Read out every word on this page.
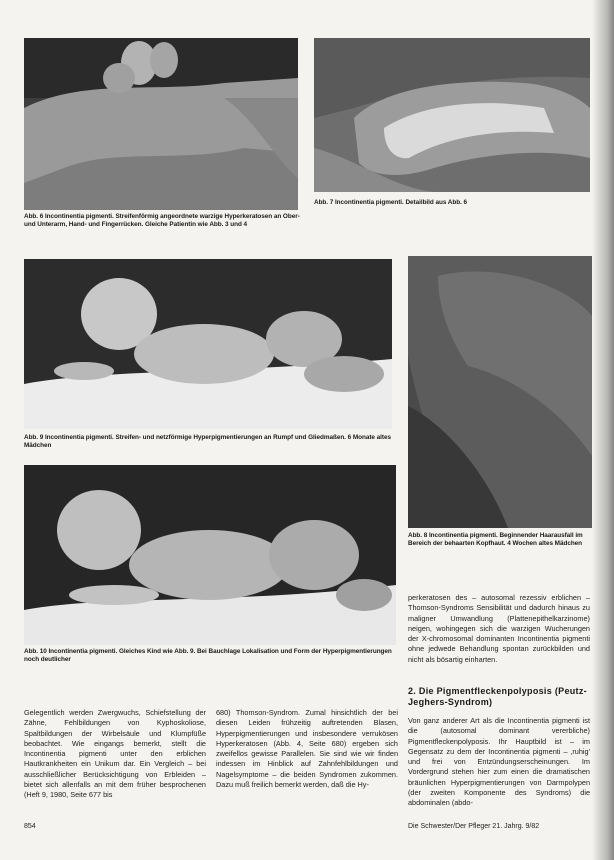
Abb. 6 Incontinentia pigmenti. Streifenförmig angeordnete warzige Hyperkeratosen an Ober- und Unterarm, Hand- und Fingerrücken. Gleiche Patientin wie Abb. 3 und 4

Abb. 7 Incontinentia pigmenti. Detailbild aus Abb. 6

Abb. 9 Incontinentia pigmenti. Streifen- und netzförmige Hyperpigmentierungen an Rumpf und Gliedmaßen. 6 Monate altes Mädchen

Abb. 8 Incontinentia pigmenti. Beginnender Haarausfall im Bereich der behaarten Kopfhaut. 4 Wochen altes Mädchen

Abb. 10 Incontinentia pigmenti. Gleiches Kind wie Abb. 9. Bei Bauchlage Lokalisation und Form der Hyperpigmentierungen noch deutlicher

perkeratosen des – autosomal rezessiv erblichen – Thomson-Syndroms Sensibilität und dadurch hinaus zu maligner Umwandlung (Plattenepithelkarzinome) neigen, wohingegen sich die warzigen Wucherungen der X-chromosomal dominanten Incontinentia pigmenti ohne jedwede Behandlung spontan zurückbilden und nicht als bösartig einharten.

2. Die Pigmentfleckenpolyposis (Peutz-Jeghers-Syndrom)

Von ganz anderer Art als die Incontinentia pigmenti ist die (autosomal dominant vererbliche) Pigmentfleckenpolyposis. Ihr Hauptbild ist – im Gegensatz zu dem der Incontinentia pigmenti – ‚ruhig' und frei von Entzündungserscheinungen. Im Vordergrund stehen hier zum einen die dramatischen bräunlichen Hyperpigmentierungen von Darmpolypen (der zweiten Komponente des Syndroms) die abdominalen (abdo-

Gelegentlich werden Zwergwuchs, Schiefstellung der Zähne, Fehlbildungen von Kyphoskoliose, Spaltbildungen der Wirbelsäule und Klumpfüße beobachtet. Wie eingangs bemerkt, stellt die Incontinentia pigmenti unter den erblichen Hautkrankheiten ein Unikum dar. Ein Vergleich – bei ausschließlicher Berücksichtigung von Erbleiden – bietet sich allenfalls an mit dem früher besprochenen (Heft 9, 1980, Seite 677 bis

680) Thomson-Syndrom. Zumal hinsichtlich der bei diesen Leiden frühzeitig auftretenden Blasen, Hyperpigmentierungen und insbesondere verrukösen Hyperkeratosen (Abb. 4, Seite 680) ergeben sich zweifellos gewisse Parallelen. Sie sind wie wir finden indessen im Hinblick auf Zahnfehlbildungen und Nagelsymptome – die beiden Syndromen zukommen. Dazu muß freilich bemerkt werden, daß die Hy-

854	Die Schwester/Der Pfleger 21. Jahrg. 9/82
